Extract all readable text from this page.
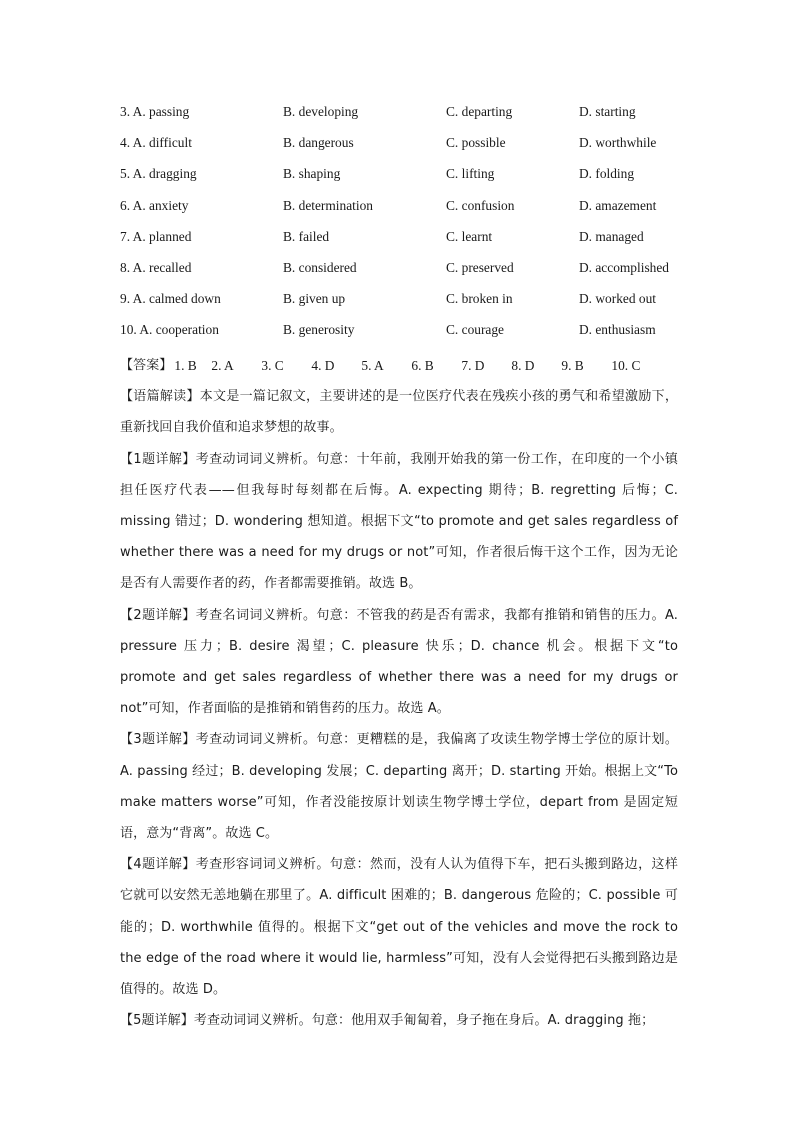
3. A. passing	B. developing	C. departing	D. starting
4. A. difficult	B. dangerous	C. possible	D. worthwhile
5. A. dragging	B. shaping	C. lifting	D. folding
6. A. anxiety	B. determination	C. confusion	D. amazement
7. A. planned	B. failed	C. learnt	D. managed
8. A. recalled	B. considered	C. preserved	D. accomplished
9. A. calmed down	B. given up	C. broken in	D. worked out
10. A. cooperation	B. generosity	C. courage	D. enthusiasm
【答案】 1. B	2. A	3. C	4. D	5. A	6. B	7. D	8. D	9. B	10. C

【语篇解读】本文是一篇记叙文，主要讲述的是一位医疗代表在残疾小孩的勇气和希望激励下，重新找回自我价值和追求梦想的故事。

【1题详解】考查动词词义辨析。句意：十年前，我刚开始我的第一份工作，在印度的一个小镇担任医疗代表——但我每时每刻都在后悔。A. expecting 期待；B. regretting 后悔；C. missing 错过；D. wondering 想知道。根据下文“to promote and get sales regardless of whether there was a need for my drugs or not”可知，作者很后悔干这个工作，因为无论是否有人需要作者的药，作者都需要推销。故选 B。

【2题详解】考查名词词义辨析。句意：不管我的药是否有需求，我都有推销和销售的压力。A. pressure 压力；B. desire 渴望；C. pleasure 快乐；D. chance 机会。根据下文“to promote and get sales regardless of whether there was a need for my drugs or not”可知，作者面临的是推销和销售药的压力。故选 A。

【3题详解】考查动词词义辨析。句意：更糟糕的是，我偏离了攻读生物学博士学位的原计划。A. passing 经过；B. developing 发展；C. departing 离开；D. starting 开始。根据上文“To make matters worse”可知，作者没能按原计划读生物学博士学位，depart from 是固定短语，意为“背离”。故选 C。

【4题详解】考查形容词词义辨析。句意：然而，没有人认为值得下车，把石头搬到路边，这样它就可以安然无恙地躺在那里了。A. difficult 困难的；B. dangerous 危险的；C. possible 可能的；D. worthwhile 值得的。根据下文“get out of the vehicles and move the rock to the edge of the road where it would lie, harmless”可知，没有人会觉得把石头搬到路边是值得的。故选 D。

【5题详解】考查动词词义辨析。句意：他用双手匍匐着，身子拖在身后。A. dragging 拖；
